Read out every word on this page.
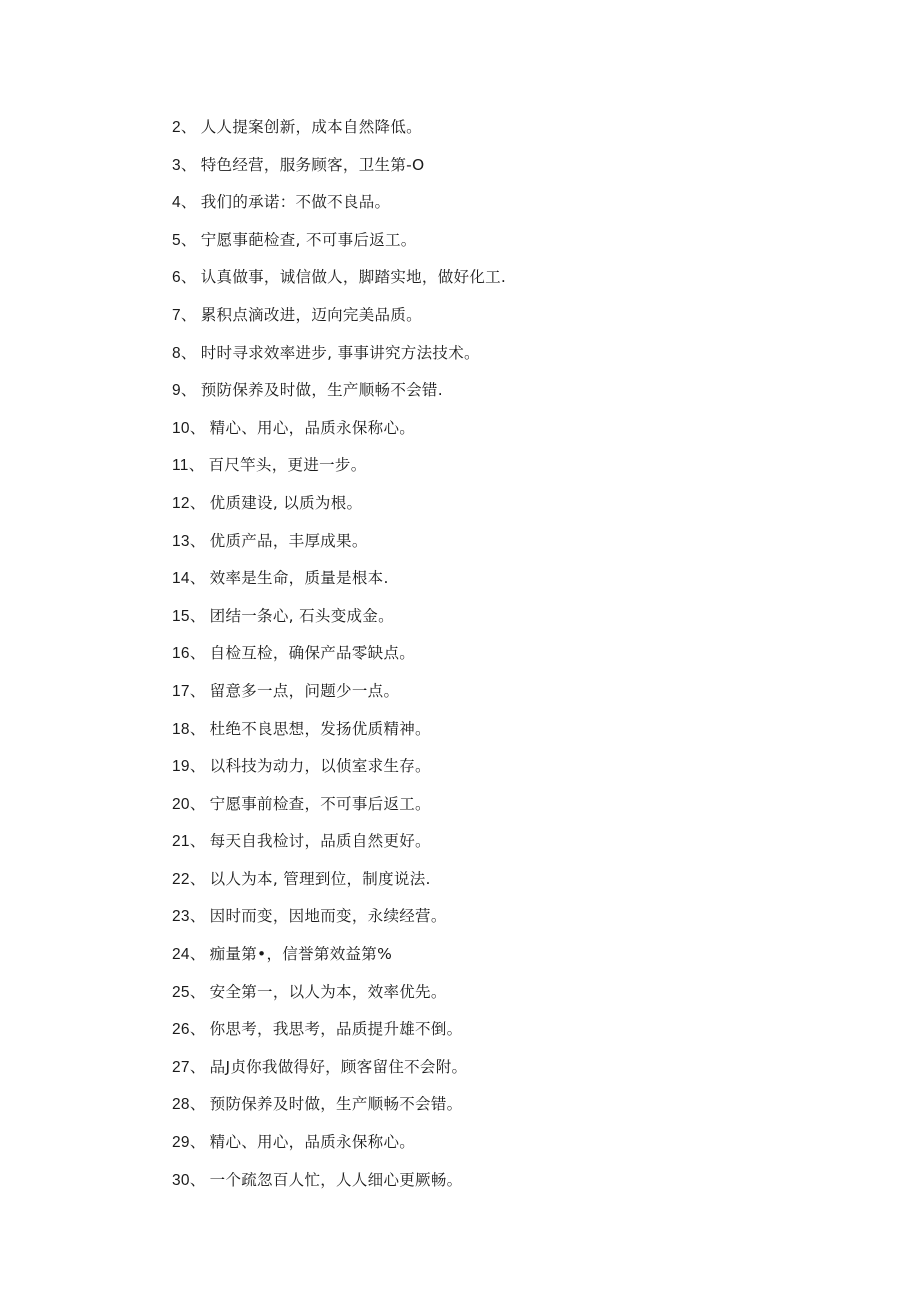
2、 人人提案创新，成本自然降低。
3、 特色经营，服务顾客，卫生第-O
4、 我们的承诺：不做不良品。
5、 宁愿事葩检查, 不可事后返工。
6、 认真做事，诚信做人，脚踏实地，做好化工.
7、 累积点滴改进，迈向完美品质。
8、 时时寻求效率进步, 事事讲究方法技术。
9、 预防保养及时做，生产顺畅不会错.
10、 精心、用心，品质永保称心。
11、 百尺竿头，更进一步。
12、 优质建设, 以质为根。
13、 优质产品，丰厚成果。
14、 效率是生命，质量是根本.
15、 团结一条心, 石头变成金。
16、 自检互检，确保产品零缺点。
17、 留意多一点，问题少一点。
18、 杜绝不良思想，发扬优质精神。
19、 以科技为动力，以侦室求生存。
20、 宁愿事前检查，不可事后返工。
21、 每天自我检讨，品质自然更好。
22、 以人为本, 管理到位，制度说法.
23、 因时而变，因地而变，永续经营。
24、 痂量第•，信誉第效益第%
25、 安全第一，以人为本，效率优先。
26、 你思考，我思考，品质提升雄不倒。
27、 品J贞你我做得好，顾客留住不会附。
28、 预防保养及时做，生产顺畅不会错。
29、 精心、用心，品质永保称心。
30、 一个疏忽百人忙，人人细心更厥畅。
